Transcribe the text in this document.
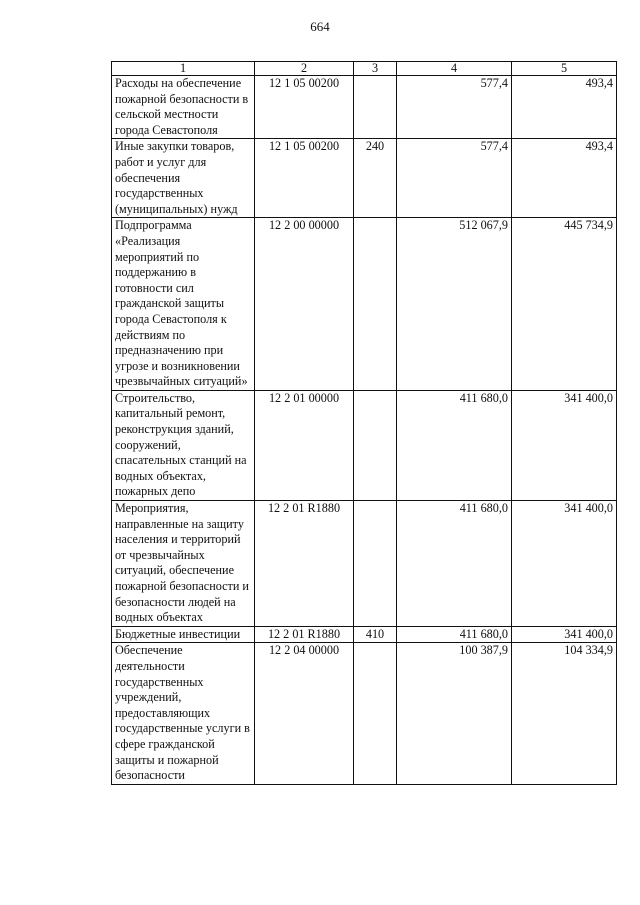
664
1	2	3	4	5
Расходы на обеспечение пожарной безопасности в сельской местности города Севастополя	12 1 05 00200		577,4	493,4
Иные закупки товаров, работ и услуг для обеспечения государственных (муниципальных) нужд	12 1 05 00200	240	577,4	493,4
Подпрограмма «Реализация мероприятий по поддержанию в готовности сил гражданской защиты города Севастополя к действиям по предназначению при угрозе и возникновении чрезвычайных ситуаций»	12 2 00 00000		512 067,9	445 734,9
Строительство, капитальный ремонт, реконструкция зданий, сооружений, спасательных станций на водных объектах, пожарных депо	12 2 01 00000		411 680,0	341 400,0
Мероприятия, направленные на защиту населения и территорий от чрезвычайных ситуаций, обеспечение пожарной безопасности и безопасности людей на водных объектах	12 2 01 R1880		411 680,0	341 400,0
Бюджетные инвестиции	12 2 01 R1880	410	411 680,0	341 400,0
Обеспечение деятельности государственных учреждений, предоставляющих государственные услуги в сфере гражданской защиты и пожарной безопасности	12 2 04 00000		100 387,9	104 334,9
